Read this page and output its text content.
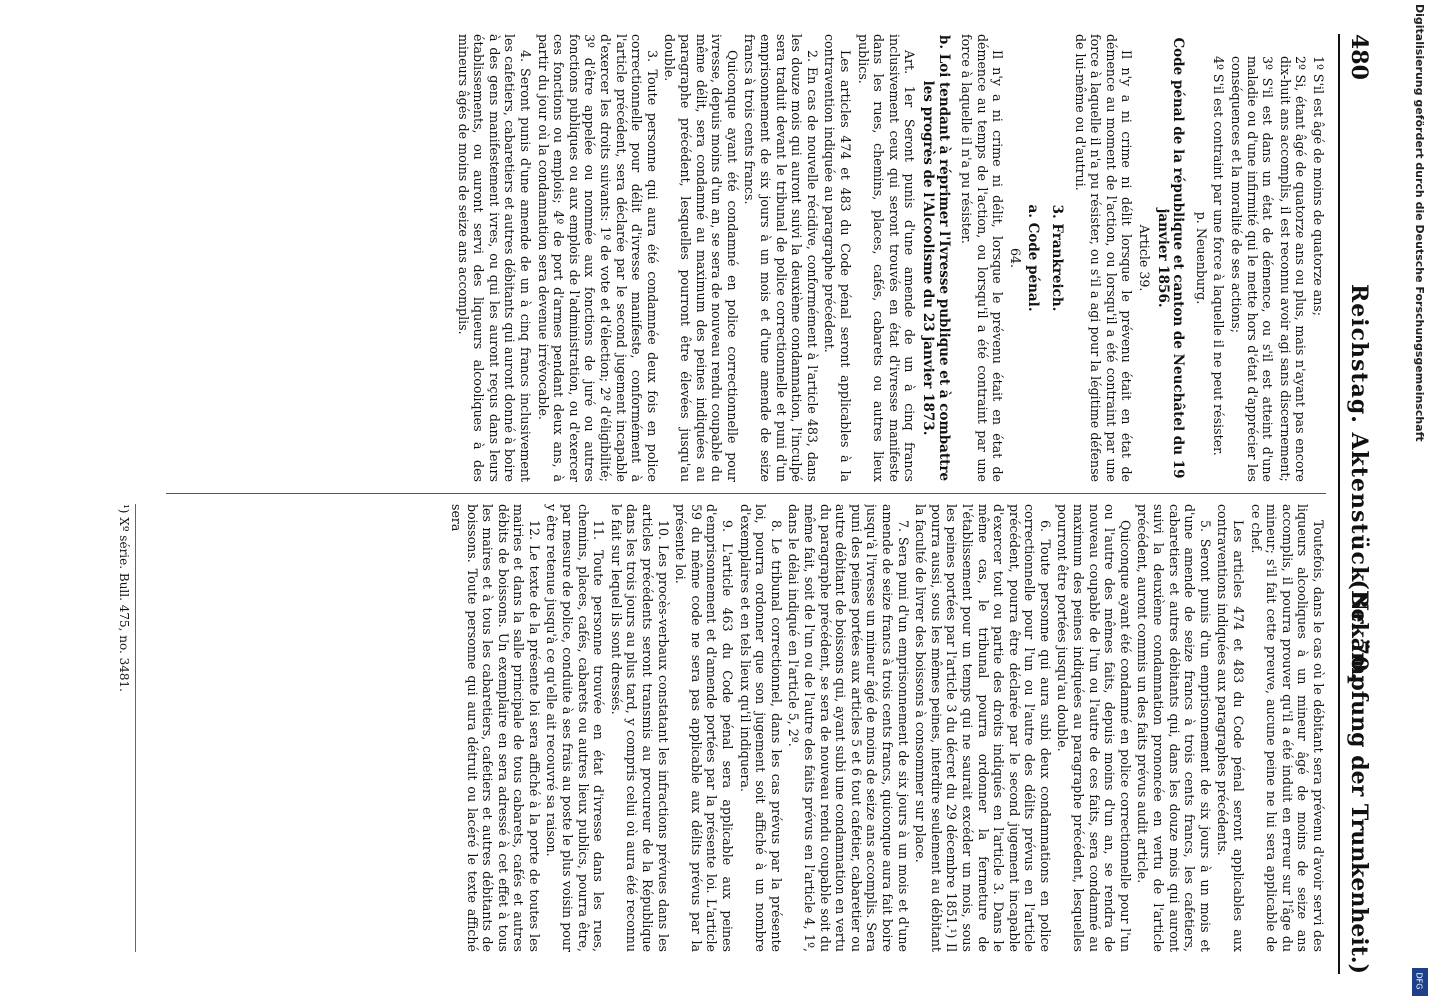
480
Reichstag. Aktenstück Nr. 70.
(Bekämpfung der Trunkenheit.)
1º S'il est âgé de moins de quatorze ans;
2º Si, étant âgé de quatorze ans ou plus, mais n'ayant pas encore dix-huit ans accomplis, il est reconnu avoir agi sans discernement;
3º S'il est dans un état de démence, ou s'il est atteint d'une maladie ou d'une infirmité qui le mette hors d'état d'apprécier les conséquences et la moralité de ses actions;
4º S'il est contraint par une force à laquelle il ne peut résister.
p. Neuenburg.
Code pénal de la république et canton de Neuchâtel du 19 janvier 1856.
Article 39.
Il n'y a ni crime ni délit lorsque le prévenu était en état de démence au moment de l'action, ou lorsqu'il a été contraint par une force à laquelle il n'a pu résister, ou s'il a agi pour la légitime défense de lui-même ou d'autrui.
3. Frankreich.
a. Code pénal.
64.
Il n'y a ni crime ni délit, lorsque le prévenu était en état de démence au temps de l'action, ou lorsqu'il a été contraint par une force à laquelle il n'a pu résister.
b. Loi tendant à réprimer l'Ivresse publique et à combattre les progrès de l'Alcoolisme du 23 janvier 1873.
Art. 1er Seront punis d'une amende de un à cinq francs inclusivement ceux qui seront trouvés en état d'ivresse manifeste dans les rues, chemins, places, cafés, cabarets ou autres lieux publics.
Les articles 474 et 483 du Code pénal seront applicables à la contravention indiquée au paragraphe précédent.
2. En cas de nouvelle récidive, conformément à l'article 483, dans les douze mois qui auront suivi la deuxième condamnation, l'inculpé sera traduit devant le tribunal de police correctionnelle et puni d'un emprisonnement de six jours à un mois et d'une amende de seize francs à trois cents francs.
Quiconque ayant été condamné en police correctionnelle pour ivresse, depuis moins d'un an, se sera de nouveau rendu coupable du même délit, sera condamné au maximum des peines indiquées au paragraphe précédent, lesquelles pourront être élevées jusqu'au double.
3. Toute personne qui aura été condamnée deux fois en police correctionnelle pour délit d'ivresse manifeste, conformément à l'article précédent, sera déclarée par le second jugement incapable d'exercer les droits suivants: 1º de vote et d'élection; 2º d'éligibilité; 3º d'être appelée ou nommée aux fonctions de juré ou autres fonctions publiques ou aux emplois de l'administration, ou d'exercer ces fonctions ou emplois; 4º de port d'armes pendant deux ans, à partir du jour où la condamnation sera devenue irrévocable.
4. Seront punis d'une amende de un à cinq francs inclusivement les cafetiers, cabaretiers et autres débitants qui auront donné à boire à des gens manifestement ivres, ou qui les auront reçus dans leurs établissements, ou auront servi des liqueurs alcooliques à des mineurs âgés de moins de seize ans accomplis.
Toutefois, dans le cas où le débitant sera prévenu d'avoir servi des liqueurs alcooliques à un mineur âgé de moins de seize ans accomplis, il pourra prouver qu'il a été induit en erreur sur l'âge du mineur; s'il fait cette preuve, aucune peine ne lui sera applicable de ce chef.
Les articles 474 et 483 du Code pénal seront applicables aux contraventions indiquées aux paragraphes précédents.
5. Seront punis d'un emprisonnement de six jours à un mois et d'une amende de seize francs à trois cents francs, les cafetiers, cabaretiers et autres débitants qui, dans les douze mois qui auront suivi la deuxième condamnation prononcée en vertu de l'article précédent, auront commis un des faits prévus audit article.
Quiconque ayant été condamné en police correctionnelle pour l'un ou l'autre des mêmes faits, depuis moins d'un an, se rendra de nouveau coupable de l'un ou l'autre de ces faits, sera condamné au maximum des peines indiquées au paragraphe précédent, lesquelles pourront être portées jusqu'au double.
6. Toute personne qui aura subi deux condamnations en police correctionnelle pour l'un ou l'autre des délits prévus en l'article précédent, pourra être déclarée par le second jugement incapable d'exercer tout ou partie des droits indiqués en l'article 3. Dans le même cas, le tribunal pourra ordonner la fermeture de l'établissement pour un temps qui ne saurait excéder un mois, sous les peines portées par l'article 3 du décret du 29 décembre 1851.¹) Il pourra aussi, sous les mêmes peines, interdire seulement au débitant la faculté de livrer des boissons à consommer sur place.
7. Sera puni d'un emprisonnement de six jours à un mois et d'une amende de seize francs à trois cents francs, quiconque aura fait boire jusqu'à l'ivresse un mineur âgé de moins de seize ans accomplis. Sera puni des peines portées aux articles 5 et 6 tout cafetier, cabaretier ou autre débitant de boissons qui, ayant subi une condamnation en vertu du paragraphe précédent, se sera de nouveau rendu coupable soit du même fait, soit de l'un ou de l'autre des faits prévus en l'article 4, 1º, dans le délai indiqué en l'article 5, 2º.
8. Le tribunal correctionnel, dans les cas prévus par la présente loi, pourra ordonner que son jugement soit affiché à un nombre d'exemplaires et en tels lieux qu'il indiquera.
9. L'article 463 du Code pénal sera applicable aux peines d'emprisonnement et d'amende portées par la présente loi. L'article 59 du même code ne sera pas applicable aux délits prévus par la présente loi.
10. Les procès-verbaux constatant les infractions prévues dans les articles précédents seront transmis au procureur de la République dans les trois jours au plus tard, y compris celui où aura été reconnu le fait sur lequel ils sont dressés.
11. Toute personne trouvée en état d'ivresse dans les rues, chemins, places, cafés, cabarets ou autres lieux publics, pourra être, par mesure de police, conduite à ses frais au poste le plus voisin pour y être retenue jusqu'à ce qu'elle ait recouvré sa raison.
12. Le texte de la présente loi sera affiché à la porte de toutes les mairies et dans la salle principale de tous cabarets, cafés et autres débits de boissons. Un exemplaire en sera adressé à cet effet à tous les maires et à tous les cabaretiers, cafetiers et autres débitants de boissons. Toute personne qui aura détruit ou lacéré le texte affiché sera
¹) Xº série. Bull. 475, no. 3481.
Digitalisierung gefördert durch die Deutsche Forschungsgemeinschaft
DFG
